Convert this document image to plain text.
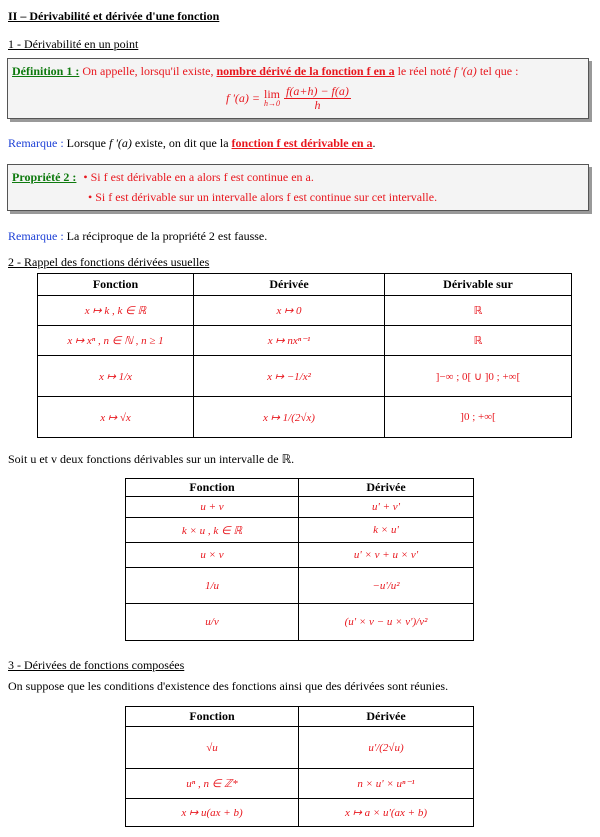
II – Dérivabilité et dérivée d'une fonction
1 - Dérivabilité en un point
Définition 1 : On appelle, lorsqu'il existe, nombre dérivé de la fonction f en a le réel noté f '(a) tel que :
f '(a) = lim
$h\to 0 \frac{f(a+h) - f(a)}{h}$
Remarque : Lorsque f '(a) existe, on dit que la fonction f est dérivable en a.
Propriété 2 : • Si f est dérivable en a alors f est continue en a.
• Si f est dérivable sur un intervalle alors f est continue sur cet intervalle.
Remarque : La réciproque de la propriété 2 est fausse.
2 - Rappel des fonctions dérivées usuelles
Fonction	Dérivée	Dérivable sur
x ↦ k , k ∈ ℝ	x ↦ 0	ℝ
x ↦ xⁿ , n ∈ ℕ , n ≥ 1	x ↦ nxⁿ⁻¹	ℝ
x ↦ 1/x	x ↦ −1/x²	]−∞ ; 0[ ∪ ]0 ; +∞[
x ↦ √x	x ↦ 1/(2√x)	]0 ; +∞[
Soit u et v deux fonctions dérivables sur un intervalle de ℝ.
Fonction	Dérivée
u + v	u' + v'
k × u , k ∈ ℝ	k × u'
u × v	u' × v + u × v'
1/u	−u'/u²
u/v	(u' × v − u × v')/v²
3 - Dérivées de fonctions composées
On suppose que les conditions d'existence des fonctions ainsi que des dérivées sont réunies.
Fonction	Dérivée
√u	u'/(2√u)
uⁿ , n ∈ ℤ*	n × u' × uⁿ⁻¹
x ↦ u(ax + b)	x ↦ a × u'(ax + b)
